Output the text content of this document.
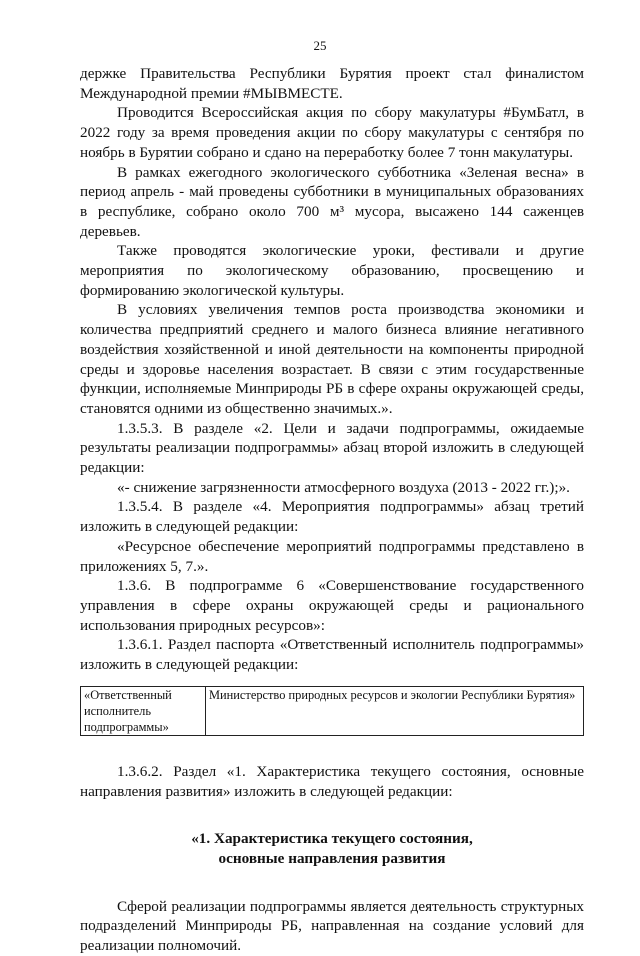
25

держке Правительства Республики Бурятия проект стал финалистом Международной премии #МЫВМЕСТЕ.

Проводится Всероссийская акция по сбору макулатуры #БумБатл, в 2022 году за время проведения акции по сбору макулатуры с сентября по ноябрь в Бурятии собрано и сдано на переработку более 7 тонн макулатуры.

В рамках ежегодного экологического субботника «Зеленая весна» в период апрель - май проведены субботники в муниципальных образованиях в республике, собрано около 700 м³ мусора, высажено 144 саженцев деревьев.

Также проводятся экологические уроки, фестивали и другие мероприятия по экологическому образованию, просвещению и формированию экологической культуры.

В условиях увеличения темпов роста производства экономики и количества предприятий среднего и малого бизнеса влияние негативного воздействия хозяйственной и иной деятельности на компоненты природной среды и здоровье населения возрастает. В связи с этим государственные функции, исполняемые Минприроды РБ в сфере охраны окружающей среды, становятся одними из общественно значимых.».

1.3.5.3. В разделе «2. Цели и задачи подпрограммы, ожидаемые результаты реализации подпрограммы» абзац второй изложить в следующей редакции:

«- снижение загрязненности атмосферного воздуха (2013 - 2022 гг.);».

1.3.5.4. В разделе «4. Мероприятия подпрограммы» абзац третий изложить в следующей редакции:

«Ресурсное обеспечение мероприятий подпрограммы представлено в приложениях 5, 7.».

1.3.6. В подпрограмме 6 «Совершенствование государственного управления в сфере охраны окружающей среды и рационального использования природных ресурсов»:

1.3.6.1. Раздел паспорта «Ответственный исполнитель подпрограммы» изложить в следующей редакции:

«Ответственный исполнитель подпрограммы»	Министерство природных ресурсов и экологии Республики Бурятия»

1.3.6.2. Раздел «1. Характеристика текущего состояния, основные направления развития» изложить в следующей редакции:

«1. Характеристика текущего состояния,
основные направления развития

Сферой реализации подпрограммы является деятельность структурных подразделений Минприроды РБ, направленная на создание условий для реализации полномочий.
